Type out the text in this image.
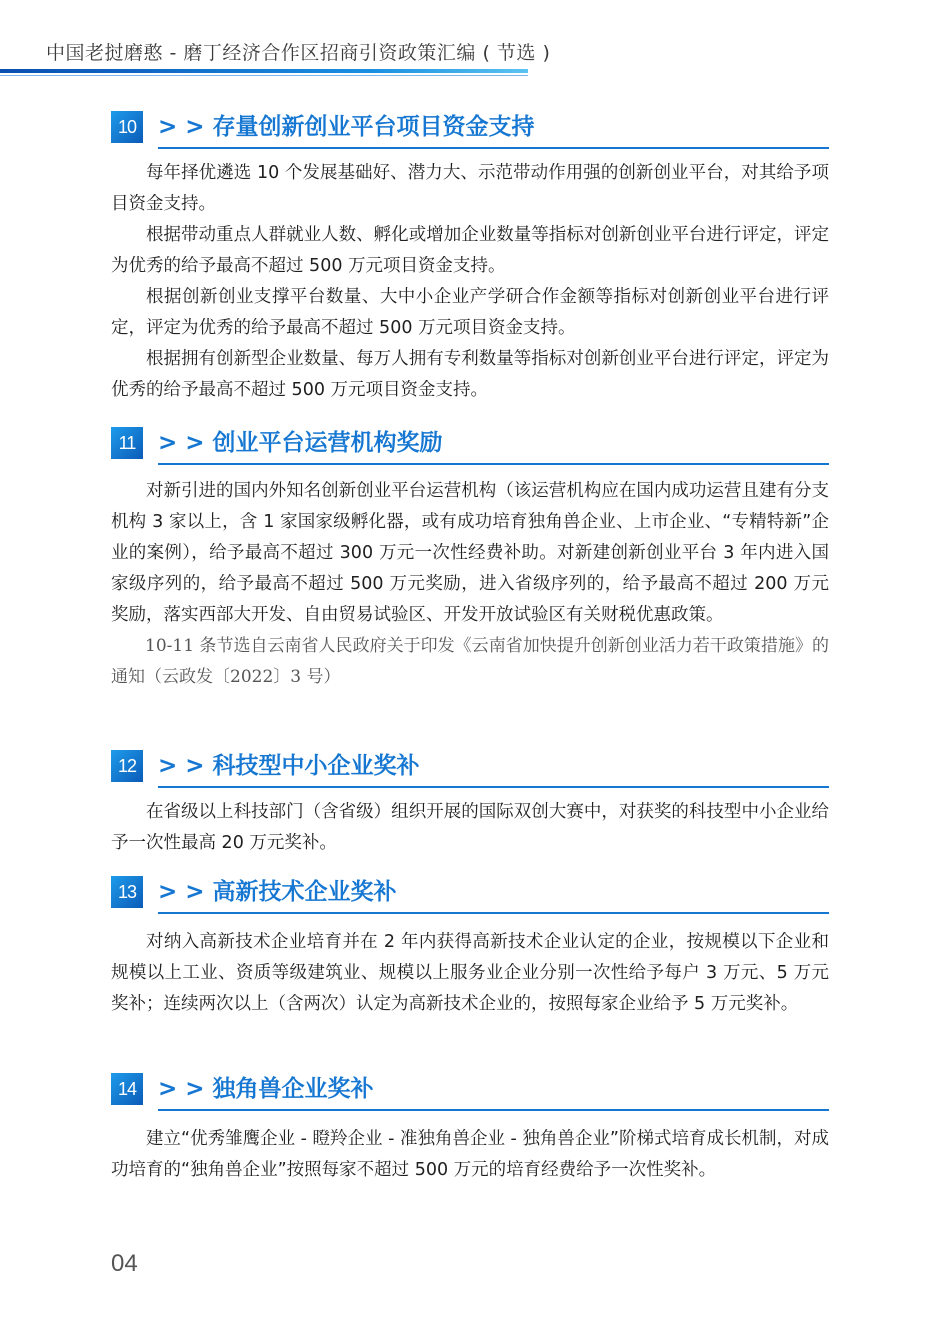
中国老挝磨憨 - 磨丁经济合作区招商引资政策汇编 ( 节选 )
10 > > 存量创新创业平台项目资金支持

每年择优遴选 10 个发展基础好、潜力大、示范带动作用强的创新创业平台，对其给予项目资金支持。

根据带动重点人群就业人数、孵化或增加企业数量等指标对创新创业平台进行评定，评定为优秀的给予最高不超过 500 万元项目资金支持。

根据创新创业支撑平台数量、大中小企业产学研合作金额等指标对创新创业平台进行评定，评定为优秀的给予最高不超过 500 万元项目资金支持。

根据拥有创新型企业数量、每万人拥有专利数量等指标对创新创业平台进行评定，评定为优秀的给予最高不超过 500 万元项目资金支持。

11 > > 创业平台运营机构奖励

对新引进的国内外知名创新创业平台运营机构（该运营机构应在国内成功运营且建有分支机构 3 家以上，含 1 家国家级孵化器，或有成功培育独角兽企业、上市企业、“专精特新”企业的案例），给予最高不超过 300 万元一次性经费补助。对新建创新创业平台 3 年内进入国家级序列的，给予最高不超过 500 万元奖励，进入省级序列的，给予最高不超过 200 万元奖励，落实西部大开发、自由贸易试验区、开发开放试验区有关财税优惠政策。

10-11 条节选自云南省人民政府关于印发《云南省加快提升创新创业活力若干政策措施》的通知（云政发〔2022〕3 号）

12 > > 科技型中小企业奖补

在省级以上科技部门（含省级）组织开展的国际双创大赛中，对获奖的科技型中小企业给予一次性最高 20 万元奖补。

13 > > 高新技术企业奖补

对纳入高新技术企业培育并在 2 年内获得高新技术企业认定的企业，按规模以下企业和规模以上工业、资质等级建筑业、规模以上服务业企业分别一次性给予每户 3 万元、5 万元奖补；连续两次以上（含两次）认定为高新技术企业的，按照每家企业给予 5 万元奖补。

14 > > 独角兽企业奖补

建立“优秀雏鹰企业 - 瞪羚企业 - 准独角兽企业 - 独角兽企业”阶梯式培育成长机制，对成功培育的“独角兽企业”按照每家不超过 500 万元的培育经费给予一次性奖补。

04
